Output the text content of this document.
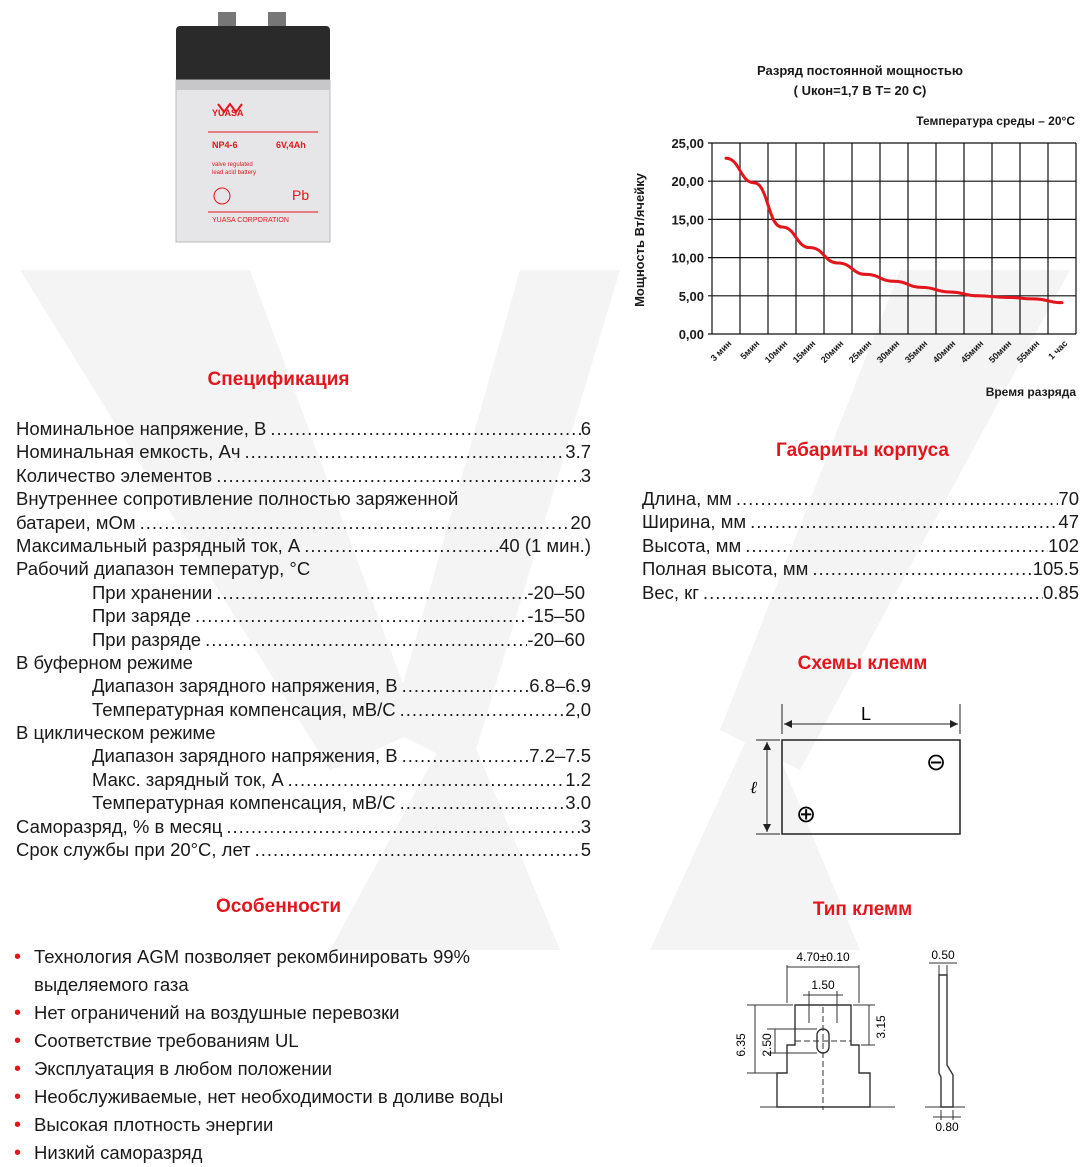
YUASA
NP4-6	6V,4Ah
valve regulated
lead acid battery
Pb
YUASA CORPORATION
Разряд постоянной мощностью
( Uкон=1,7 В T= 20 С)
Температура среды – 20°С
Мощность Вт/ячейку
Время разряда
0,00
5,00
10,00
15,00
20,00
25,00
3 мин 5мин 10мин 15мин 20мин 25мин 30мин 35мин 40мин 45мин 50мин 55мин 1 час
Спецификация
Номинальное напряжение, В .....	6
Номинальная емкость, Ач .....	3.7
Количество элементов .....	3
Внутреннее сопротивление полностью заряженной
батареи, мОм .....	20
Максимальный разрядный ток, А .....	40 (1 мин.)
Рабочий диапазон температур, °С
При хранении .....	-20–50
При заряде .....	-15–50
При разряде .....	-20–60
В буферном режиме
Диапазон зарядного напряжения, В .....	6.8–6.9
Температурная компенсация, мВ/С .....	2,0
В циклическом режиме
Диапазон зарядного напряжения, В .....	7.2–7.5
Макс. зарядный ток, А .....	1.2
Температурная компенсация, мВ/С .....	3.0
Саморазряд, % в месяц .....	3
Срок службы при 20°С, лет .....	5
Габариты корпуса
Длина, мм .....	70
Ширина, мм .....	47
Высота, мм .....	102
Полная высота, мм .....	105.5
Вес, кг .....	0.85
Схемы клемм
L
ℓ
⊖
⊕
Тип клемм
4.70±0.10
1.50
6.35 2.50
3.15
0.50
0.80
Особенности
• Технология AGM позволяет рекомбинировать 99%
выделяемого газа
• Нет ограничений на воздушные перевозки
• Соответствие требованиям UL
• Эксплуатация в любом положении
• Необслуживаемые, нет необходимости в доливе воды
• Высокая плотность энергии
• Низкий саморазряд
